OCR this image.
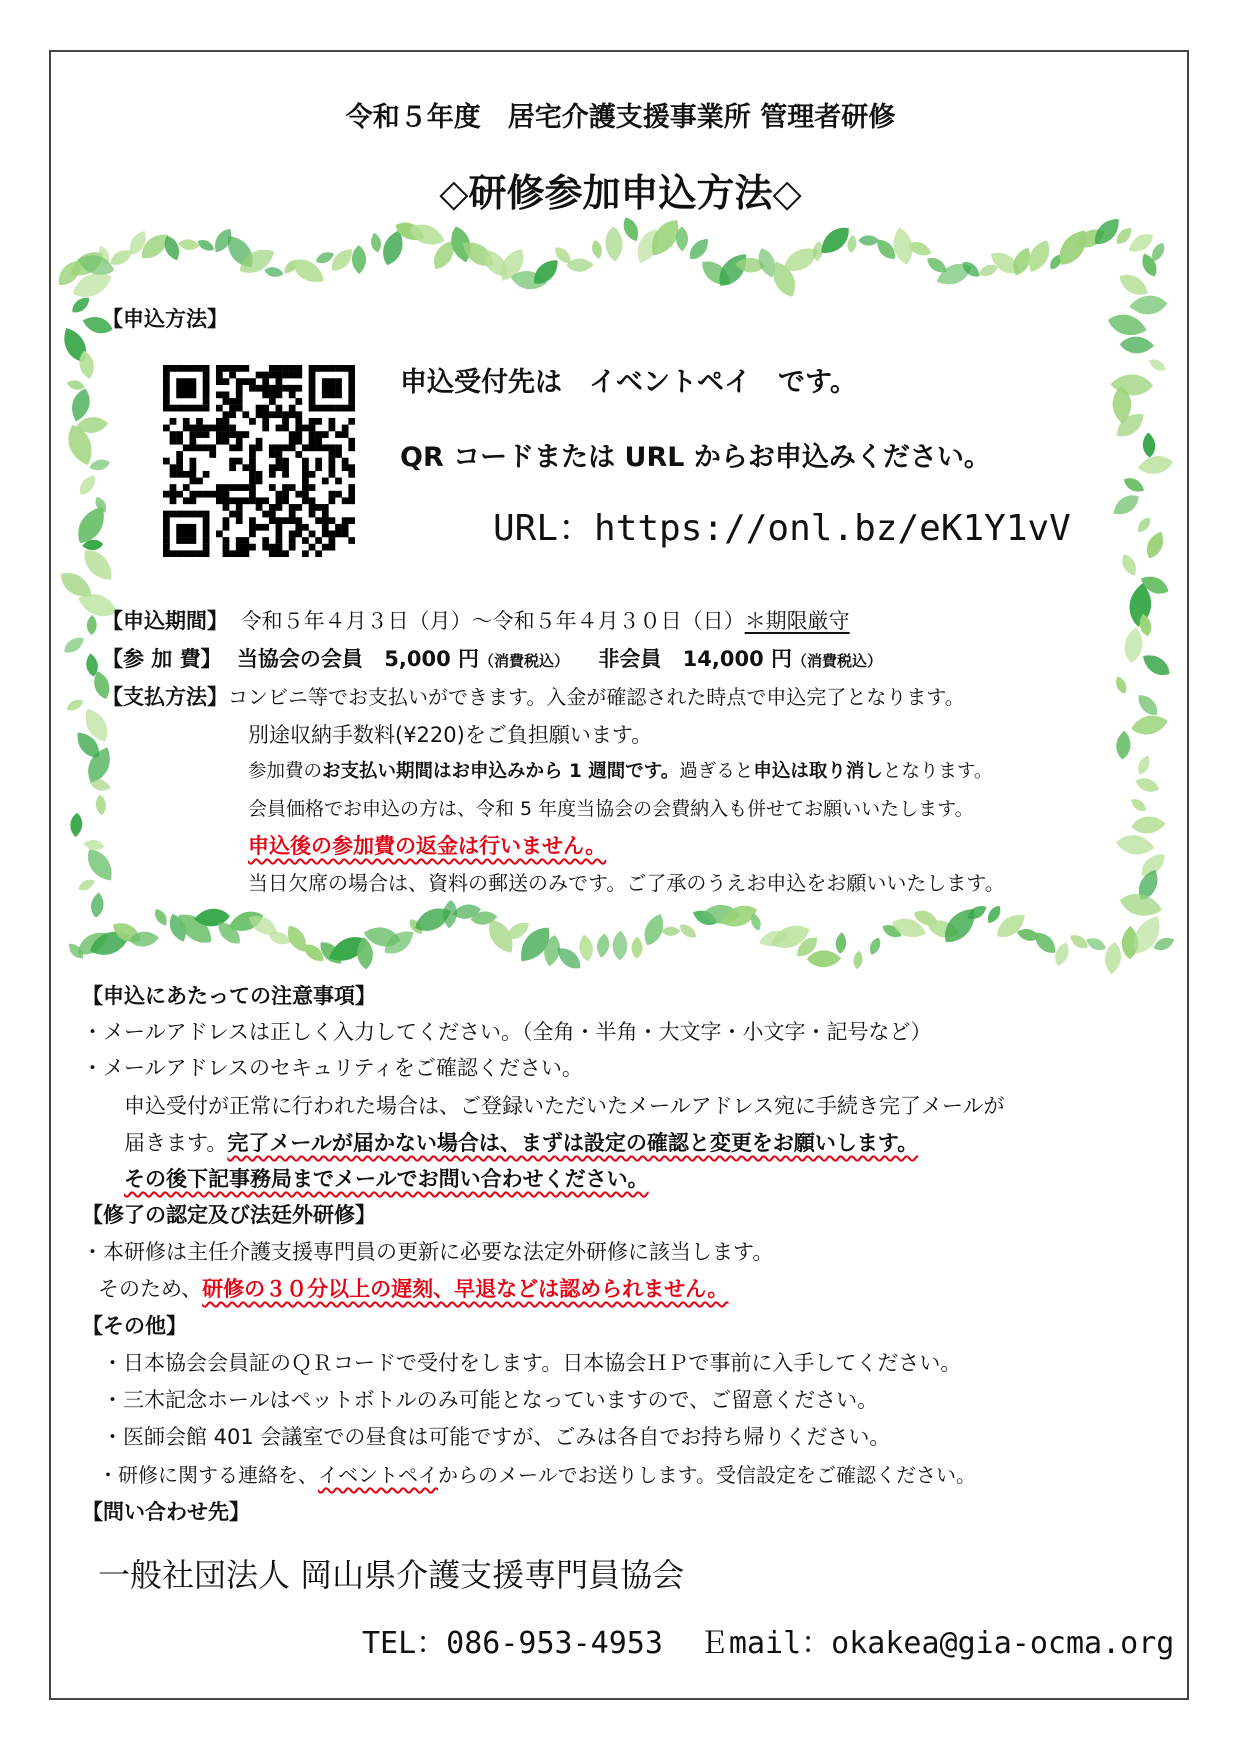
令和５年度　居宅介護支援事業所 管理者研修
◇研修参加申込方法◇
【申込方法】
申込受付先は　イベントペイ　です。
QR コードまたは URL からお申込みください。
URL：https://onl.bz/eK1Y1vV
【申込期間】 令和５年４月３日（月）～令和５年４月３０日（日）＊期限厳守
【参 加 費】 当協会の会員 5,000 円（消費税込） 非会員 14,000 円（消費税込）
【支払方法】コンビニ等でお支払いができます。入金が確認された時点で申込完了となります。
別途収納手数料(¥220)をご負担願います。
参加費のお支払い期間はお申込みから 1 週間です。過ぎると申込は取り消しとなります。
会員価格でお申込の方は、令和 5 年度当協会の会費納入も併せてお願いいたします。
申込後の参加費の返金は行いません。
当日欠席の場合は、資料の郵送のみです。ご了承のうえお申込をお願いいたします。
【申込にあたっての注意事項】
・メールアドレスは正しく入力してください。（全角・半角・大文字・小文字・記号など）
・メールアドレスのセキュリティをご確認ください。
申込受付が正常に行われた場合は、ご登録いただいたメールアドレス宛に手続き完了メールが
届きます。完了メールが届かない場合は、まずは設定の確認と変更をお願いします。
その後下記事務局までメールでお問い合わせください。
【修了の認定及び法廷外研修】
・本研修は主任介護支援専門員の更新に必要な法定外研修に該当します。
そのため、研修の３０分以上の遅刻、早退などは認められません。
【その他】
・日本協会会員証のＱＲコードで受付をします。日本協会ＨＰで事前に入手してください。
・三木記念ホールはペットボトルのみ可能となっていますので、ご留意ください。
・医師会館 401 会議室での昼食は可能ですが、ごみは各自でお持ち帰りください。
・研修に関する連絡を、イベントペイからのメールでお送りします。受信設定をご確認ください。
【問い合わせ先】
一般社団法人 岡山県介護支援専門員協会
TEL：086-953-4953 Ｅmail：okakea@gia-ocma.org
